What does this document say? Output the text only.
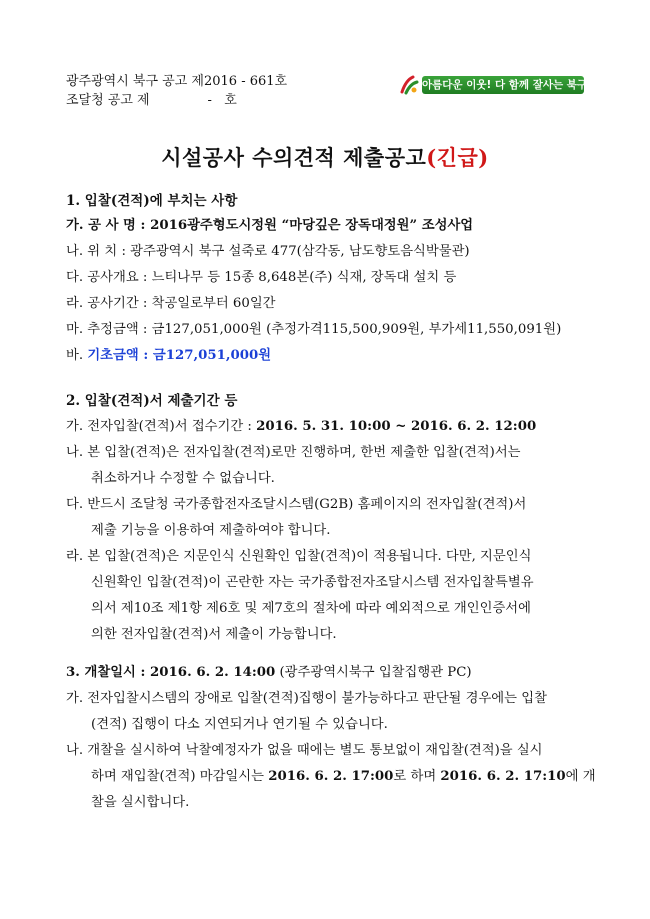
광주광역시 북구 공고 제2016 - 661호
조달청 공고 제              -   호
아름다운 이웃! 다 함께 잘사는 북구
시설공사 수의견적 제출공고(긴급)
1. 입찰(견적)에 부치는 사항
가. 공 사 명 : 2016광주형도시정원 “마당깊은 장독대정원” 조성사업
나. 위 치 : 광주광역시 북구 설죽로 477(삼각동, 남도향토음식박물관)
다. 공사개요 : 느티나무 등 15종 8,648본(주) 식재, 장독대 설치 등
라. 공사기간 : 착공일로부터 60일간
마. 추정금액 : 금127,051,000원 (추정가격115,500,909원, 부가세11,550,091원)
바. 기초금액 : 금127,051,000원
2. 입찰(견적)서 제출기간 등
가. 전자입찰(견적)서 접수기간 : 2016. 5. 31. 10:00 ~ 2016. 6. 2. 12:00
나. 본 입찰(견적)은 전자입찰(견적)로만 진행하며, 한번 제출한 입찰(견적)서는
취소하거나 수정할 수 없습니다.
다. 반드시 조달청 국가종합전자조달시스템(G2B) 홈페이지의 전자입찰(견적)서
제출 기능을 이용하여 제출하여야 합니다.
라. 본 입찰(견적)은 지문인식 신원확인 입찰(견적)이 적용됩니다. 다만, 지문인식
신원확인 입찰(견적)이 곤란한 자는 국가종합전자조달시스템 전자입찰특별유
의서 제10조 제1항 제6호 및 제7호의 절차에 따라 예외적으로 개인인증서에
의한 전자입찰(견적)서 제출이 가능합니다.
3. 개찰일시 : 2016. 6. 2. 14:00 (광주광역시북구 입찰집행관 PC)
가. 전자입찰시스템의 장애로 입찰(견적)집행이 불가능하다고 판단될 경우에는 입찰
(견적) 집행이 다소 지연되거나 연기될 수 있습니다.
나. 개찰을 실시하여 낙찰예정자가 없을 때에는 별도 통보없이 재입찰(견적)을 실시
하며 재입찰(견적) 마감일시는 2016. 6. 2. 17:00로 하며 2016. 6. 2. 17:10에 개
찰을 실시합니다.
